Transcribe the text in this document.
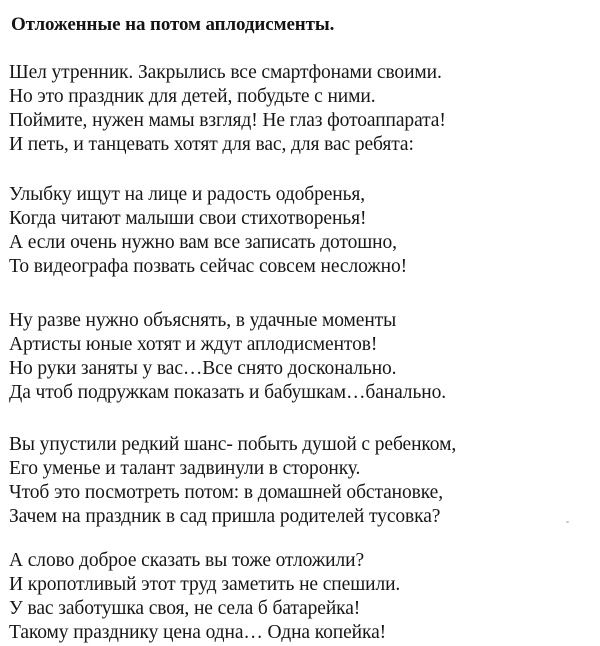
Отложенные на потом аплодисменты.
Шел утренник. Закрылись все смартфонами своими.
Но это праздник для детей, побудьте с ними.
Поймите, нужен мамы взгляд! Не глаз фотоаппарата!
И петь, и танцевать хотят для вас, для вас ребята:
Улыбку ищут на лице и радость одобренья,
Когда читают малыши свои стихотворенья!
А если очень нужно вам все записать дотошно,
То видеографа позвать сейчас совсем несложно!
Ну разве нужно объяснять, в удачные моменты
Артисты юные хотят и ждут аплодисментов!
Но руки заняты у вас…Все снято досконально.
Да чтоб подружкам показать и бабушкам…банально.
Вы упустили редкий шанс- побыть душой с ребенком,
Его уменье и талант задвинули в сторонку.
Чтоб это посмотреть потом: в домашней обстановке,
Зачем на праздник в сад пришла родителей тусовка?
А слово доброе сказать вы тоже отложили?
И кропотливый этот труд заметить не спешили.
У вас заботушка своя, не села б батарейка!
Такому празднику цена одна… Одна копейка!
